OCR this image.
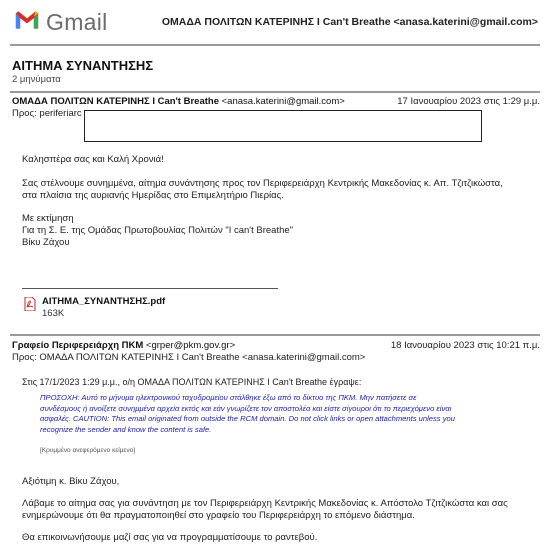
Gmail	ΟΜΑΔΑ ΠΟΛΙΤΩΝ ΚΑΤΕΡΙΝΗΣ I Can't Breathe <anasa.katerini@gmail.com>
ΑΙΤΗΜΑ ΣΥΝΑΝΤΗΣΗΣ
2 μηνύματα
ΟΜΑΔΑ ΠΟΛΙΤΩΝ ΚΑΤΕΡΙΝΗΣ I Can't Breathe <anasa.katerini@gmail.com>	17 Ιανουαρίου 2023 στις 1:29 μ.μ.
Προς: periferiarc
Καλησπέρα σας και Καλή Χρονιά!
Σας στέλνουμε συνημμένα, αίτημα συνάντησης προς τον Περιφερειάρχη Κεντρικής Μακεδονίας κ. Απ. Τζιτζικώστα,
στα πλαίσια της αυριανής Ημερίδας στο Επιμελητήριο Πιερίας.
Με εκτίμηση
Για τη Σ. Ε. της Ομάδας Πρωτοβουλίας Πολιτών "I can't Breathe"
Βίκυ Ζάχου
ΑΙΤΗΜΑ_ΣΥΝΑΝΤΗΣΗΣ.pdf
163K
Γραφείο Περιφερειάρχη ΠΚΜ <grper@pkm.gov.gr>	18 Ιανουαρίου 2023 στις 10:21 π.μ.
Προς: ΟΜΑΔΑ ΠΟΛΙΤΩΝ ΚΑΤΕΡΙΝΗΣ I Can't Breathe <anasa.katerini@gmail.com>
Στις 17/1/2023 1:29 μ.μ., ο/η ΟΜΑΔΑ ΠΟΛΙΤΩΝ ΚΑΤΕΡΙΝΗΣ I Can't Breathe έγραψε:
ΠΡΟΣΟΧΗ: Αυτό το μήνυμα ηλεκτρονικού ταχυδρομείου στάλθηκε έξω από το δίκτυο της ΠΚΜ. Μην πατήσετε σε
συνδέσμους ή ανοίξετε συνημμένα αρχεία εκτός και εάν γνωρίζετε τον αποστολέα και είστε σίγουροι ότι το περιεχόμενο είναι
ασφαλές. CAUTION: This email originated from outside the RCM domain. Do not click links or open attachments unless you
recognize the sender and know the content is safe.
[Κρυμμένο ανεφερόμενο κείμενο]
Αξιότιμη κ. Βίκυ Ζάχου,
Λάβαμε το αίτημα σας για συνάντηση με τον Περιφερειάρχη Κεντρικής Μακεδονίας κ. Απόστολο Τζιτζικώστα και σας
ενημερώνουμε ότι θα πραγματοποιηθεί στο γραφείο του Περιφερειάρχη το επόμενο διάστημα.
Θα επικοινωνήσουμε μαζί σας για να προγραμματίσουμε το ραντεβού.
